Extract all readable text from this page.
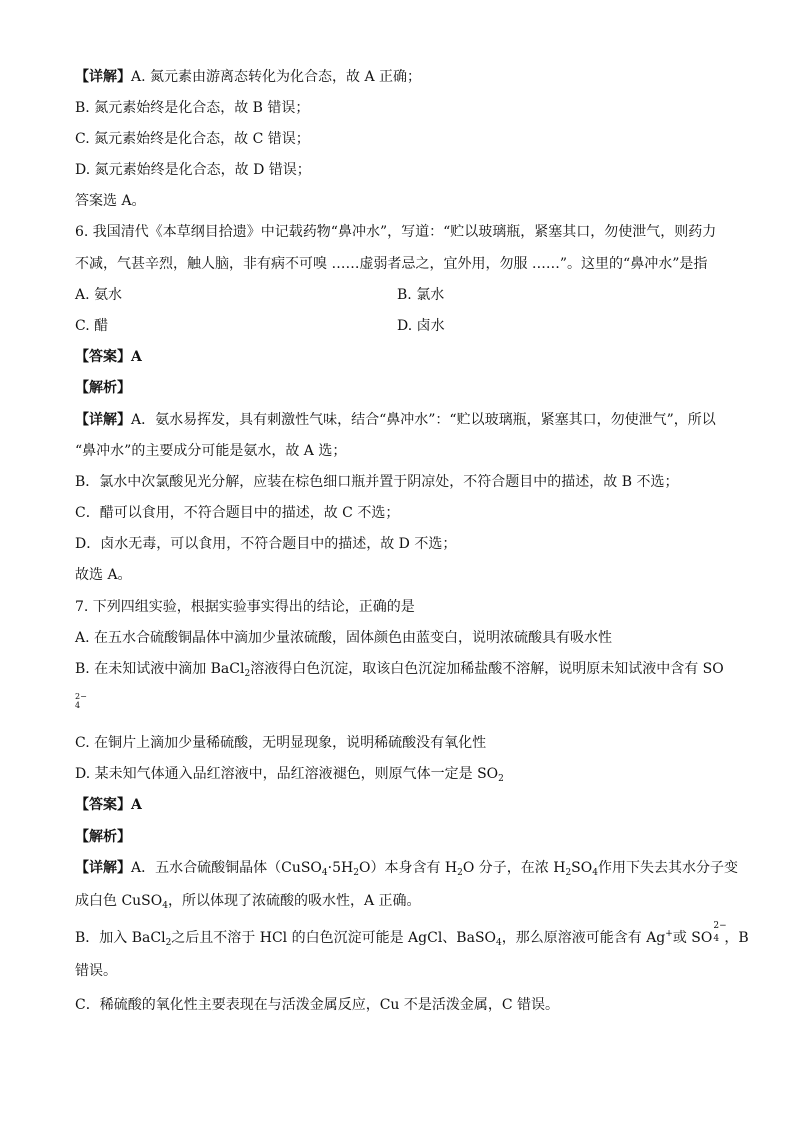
【详解】A. 氮元素由游离态转化为化合态，故 A 正确；
B. 氮元素始终是化合态，故 B 错误；
C. 氮元素始终是化合态，故 C 错误；
D. 氮元素始终是化合态，故 D 错误；
答案选 A。
6. 我国清代《本草纲目拾遗》中记载药物“鼻冲水”，写道：“贮以玻璃瓶，紧塞其口，勿使泄气，则药力
不减，气甚辛烈，触人脑，非有病不可嗅 ……虚弱者忌之，宜外用，勿服 ……”。这里的“鼻冲水”是指
A. 氨水	B. 氯水
C. 醋	D. 卤水
【答案】A
【解析】
【详解】A．氨水易挥发，具有刺激性气味，结合“鼻冲水”：“贮以玻璃瓶，紧塞其口，勿使泄气”，所以
“鼻冲水”的主要成分可能是氨水，故 A 选；
B．氯水中次氯酸见光分解，应装在棕色细口瓶并置于阴凉处，不符合题目中的描述，故 B 不选；
C．醋可以食用，不符合题目中的描述，故 C 不选；
D．卤水无毒，可以食用，不符合题目中的描述，故 D 不选；
故选 A。
7. 下列四组实验，根据实验事实得出的结论，正确的是
A. 在五水合硫酸铜晶体中滴加少量浓硫酸，固体颜色由蓝变白，说明浓硫酸具有吸水性
B. 在未知试液中滴加 BaCl$_2$溶液得白色沉淀，取该白色沉淀加稀盐酸不溶解，说明原未知试液中含有 SO
2−
4
C. 在铜片上滴加少量稀硫酸，无明显现象，说明稀硫酸没有氧化性
D. 某未知气体通入品红溶液中，品红溶液褪色，则原气体一定是 $SO_2$
【答案】A
【解析】
【详解】A．五水合硫酸铜晶体$(CuSO_4\cdot 5H_2O)$本身含有 $H_2O$ 分子，在浓 $H_2SO_4$作用下失去其水分子变
成白色 CuSO$_4$，所以体现了浓硫酸的吸水性，A 正确。
B．加入 BaCl$_2$之后且不溶于 HCl 的白色沉淀可能是 AgCl、BaSO$_4$，那么原溶液可能含有 Ag+或 SO
2−
4 ，B
错误。
C．稀硫酸的氧化性主要表现在与活泼金属反应，Cu 不是活泼金属，C 错误。
